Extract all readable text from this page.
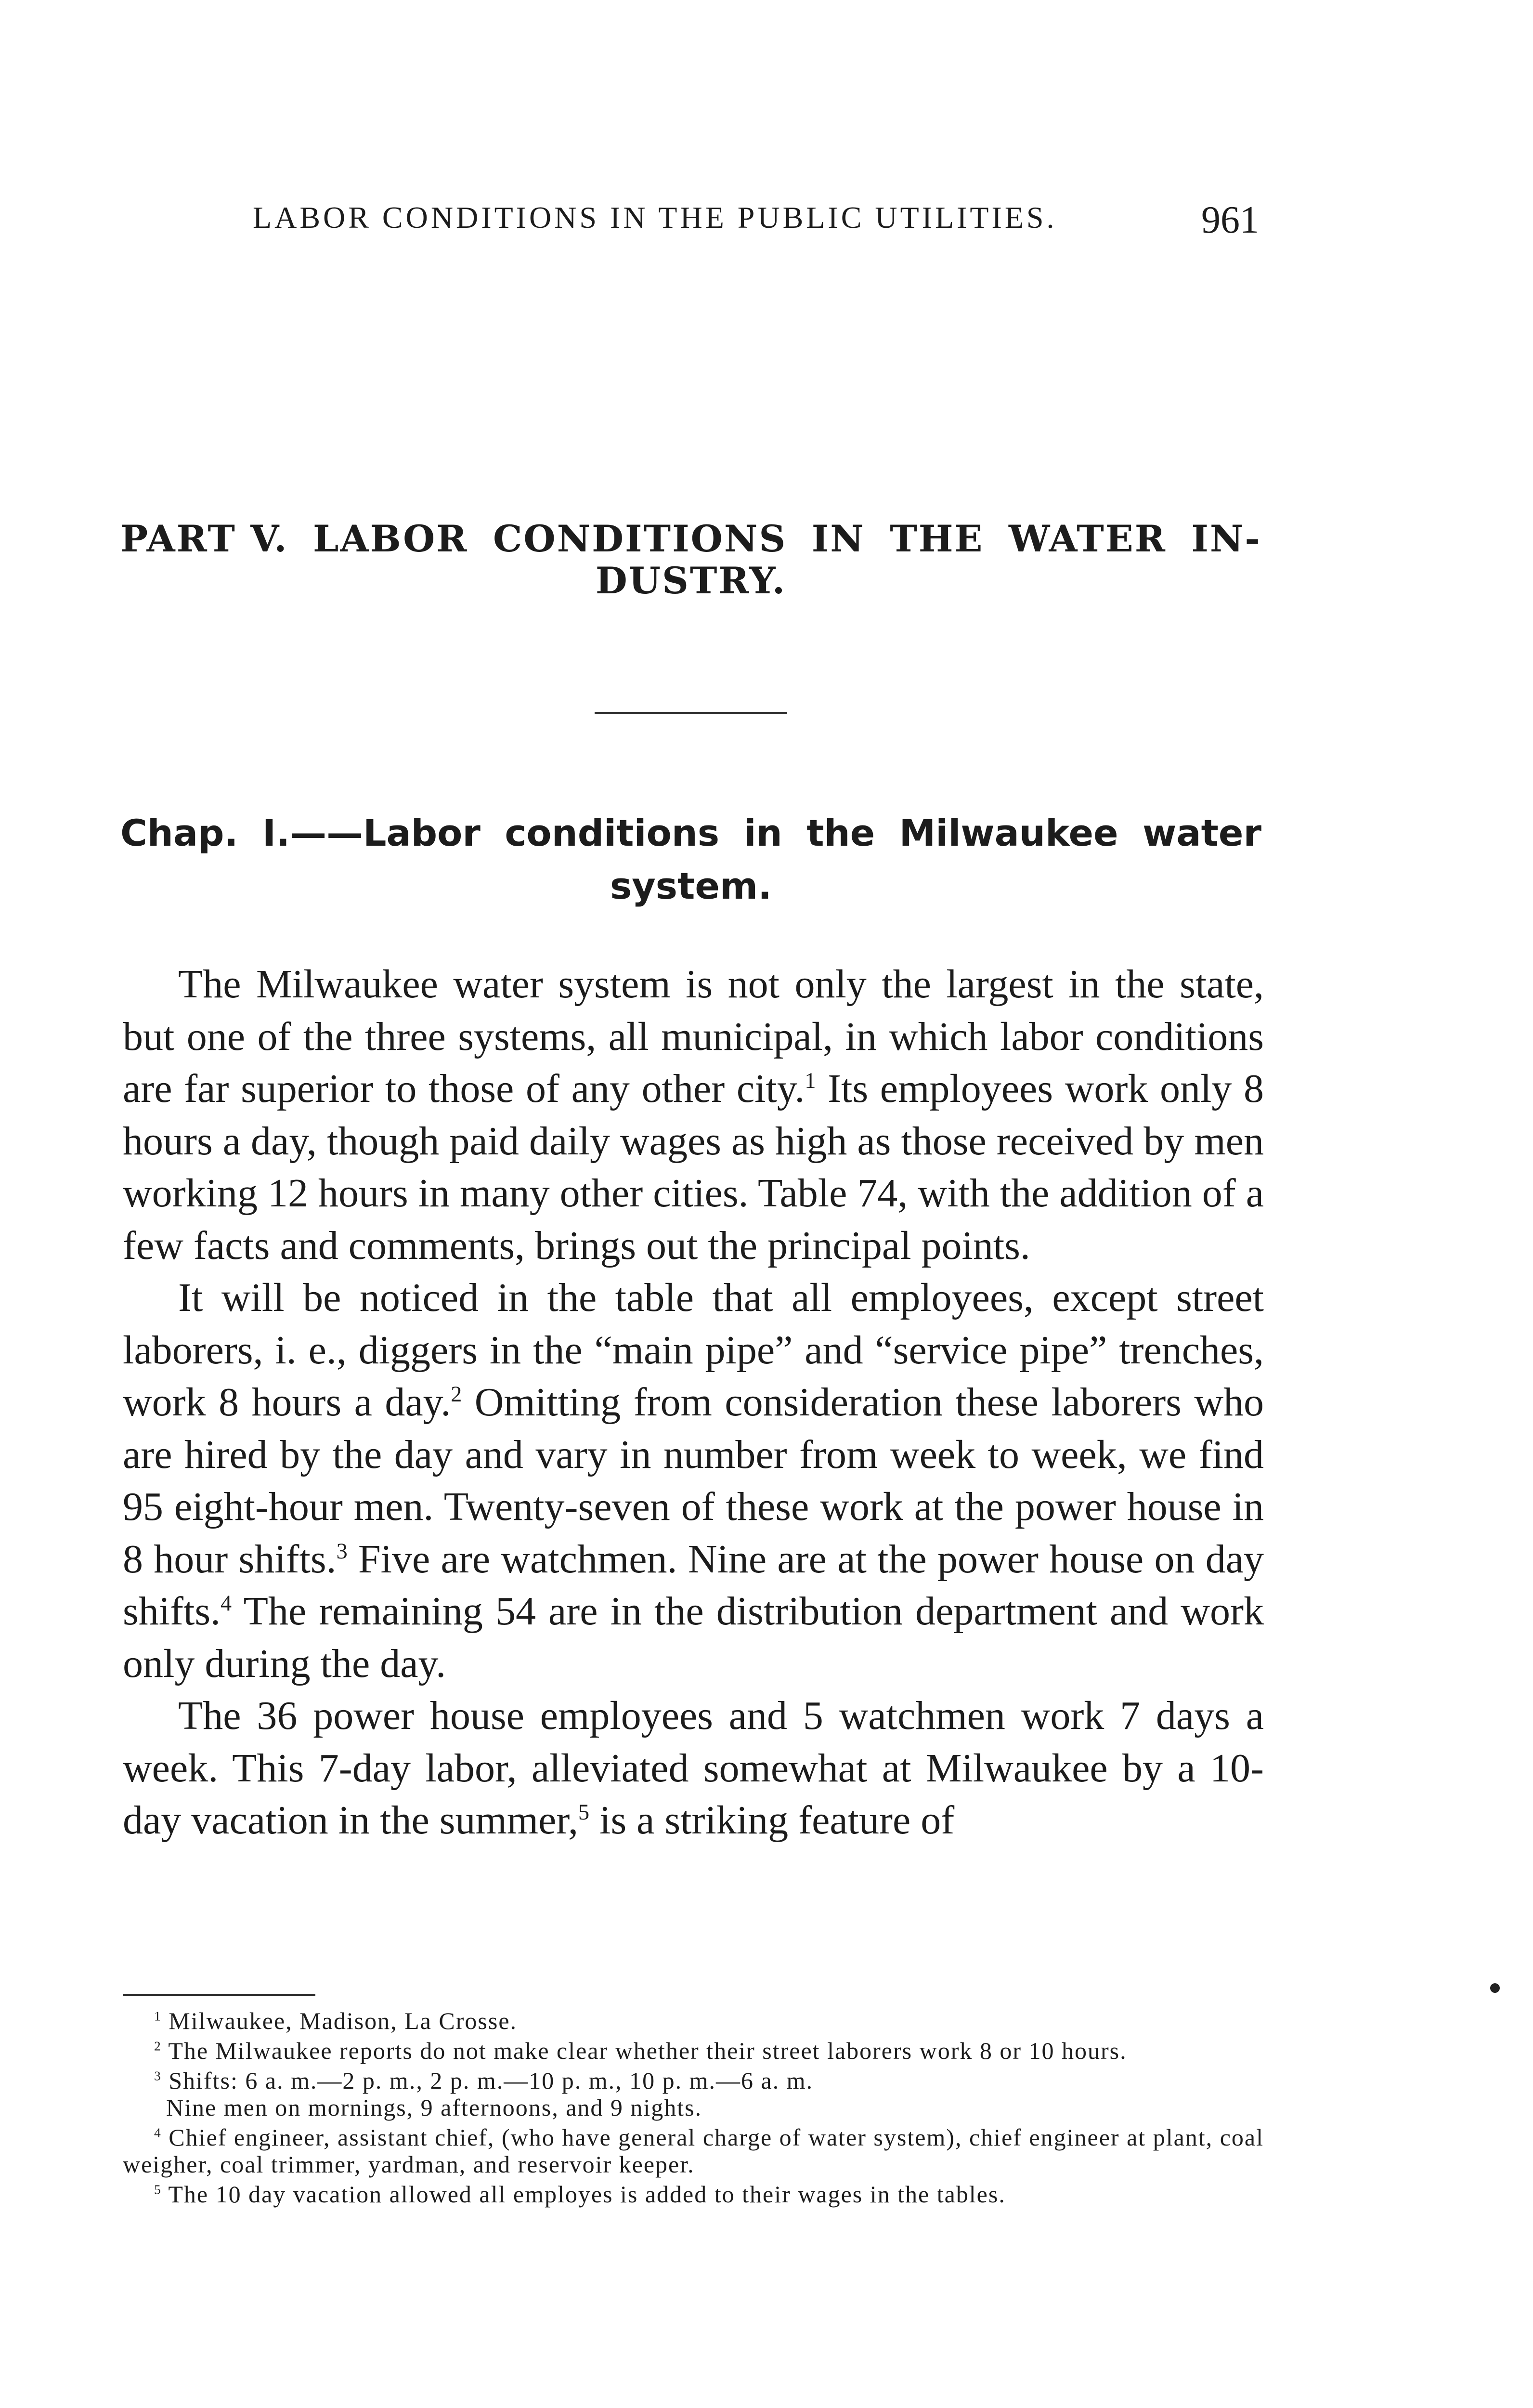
LABOR CONDITIONS IN THE PUBLIC UTILITIES.	961
PART V. LABOR CONDITIONS IN THE WATER IN-
DUSTRY.
Chap. I.——Labor conditions in the Milwaukee water
system.

The Milwaukee water system is not only the largest in the state, but one of the three systems, all municipal, in which labor conditions are far superior to those of any other city.$^1$ Its employees work only 8 hours a day, though paid daily wages as high as those received by men working 12 hours in many other cities. Table 74, with the addition of a few facts and comments, brings out the principal points.

It will be noticed in the table that all employees, except street laborers, i. e., diggers in the “main pipe” and “service pipe” trenches, work 8 hours a day.$^2$ Omitting from consideration these laborers who are hired by the day and vary in number from week to week, we find 95 eight-hour men. Twenty-seven of these work at the power house in 8 hour shifts.$^3$ Five are watchmen. Nine are at the power house on day shifts.$^4$ The remaining 54 are in the distribution department and work only during the day.

The 36 power house employees and 5 watchmen work 7 days a week. This 7-day labor, alleviated somewhat at Milwaukee by a 10-day vacation in the summer,$^5$ is a striking feature of

$^1$ Milwaukee, Madison, La Crosse.

$^2$ The Milwaukee reports do not make clear whether their street laborers work 8 or 10 hours.

$^3$ Shifts: 6 a. m.—2 p. m., 2 p. m.—10 p. m., 10 p. m.—6 a. m.

Nine men on mornings, 9 afternoons, and 9 nights.

$^4$ Chief engineer, assistant chief, (who have general charge of water system), chief engineer at plant, coal weigher, coal trimmer, yardman, and reservoir keeper.

$^5$ The 10 day vacation allowed all employes is added to their wages in the tables.
